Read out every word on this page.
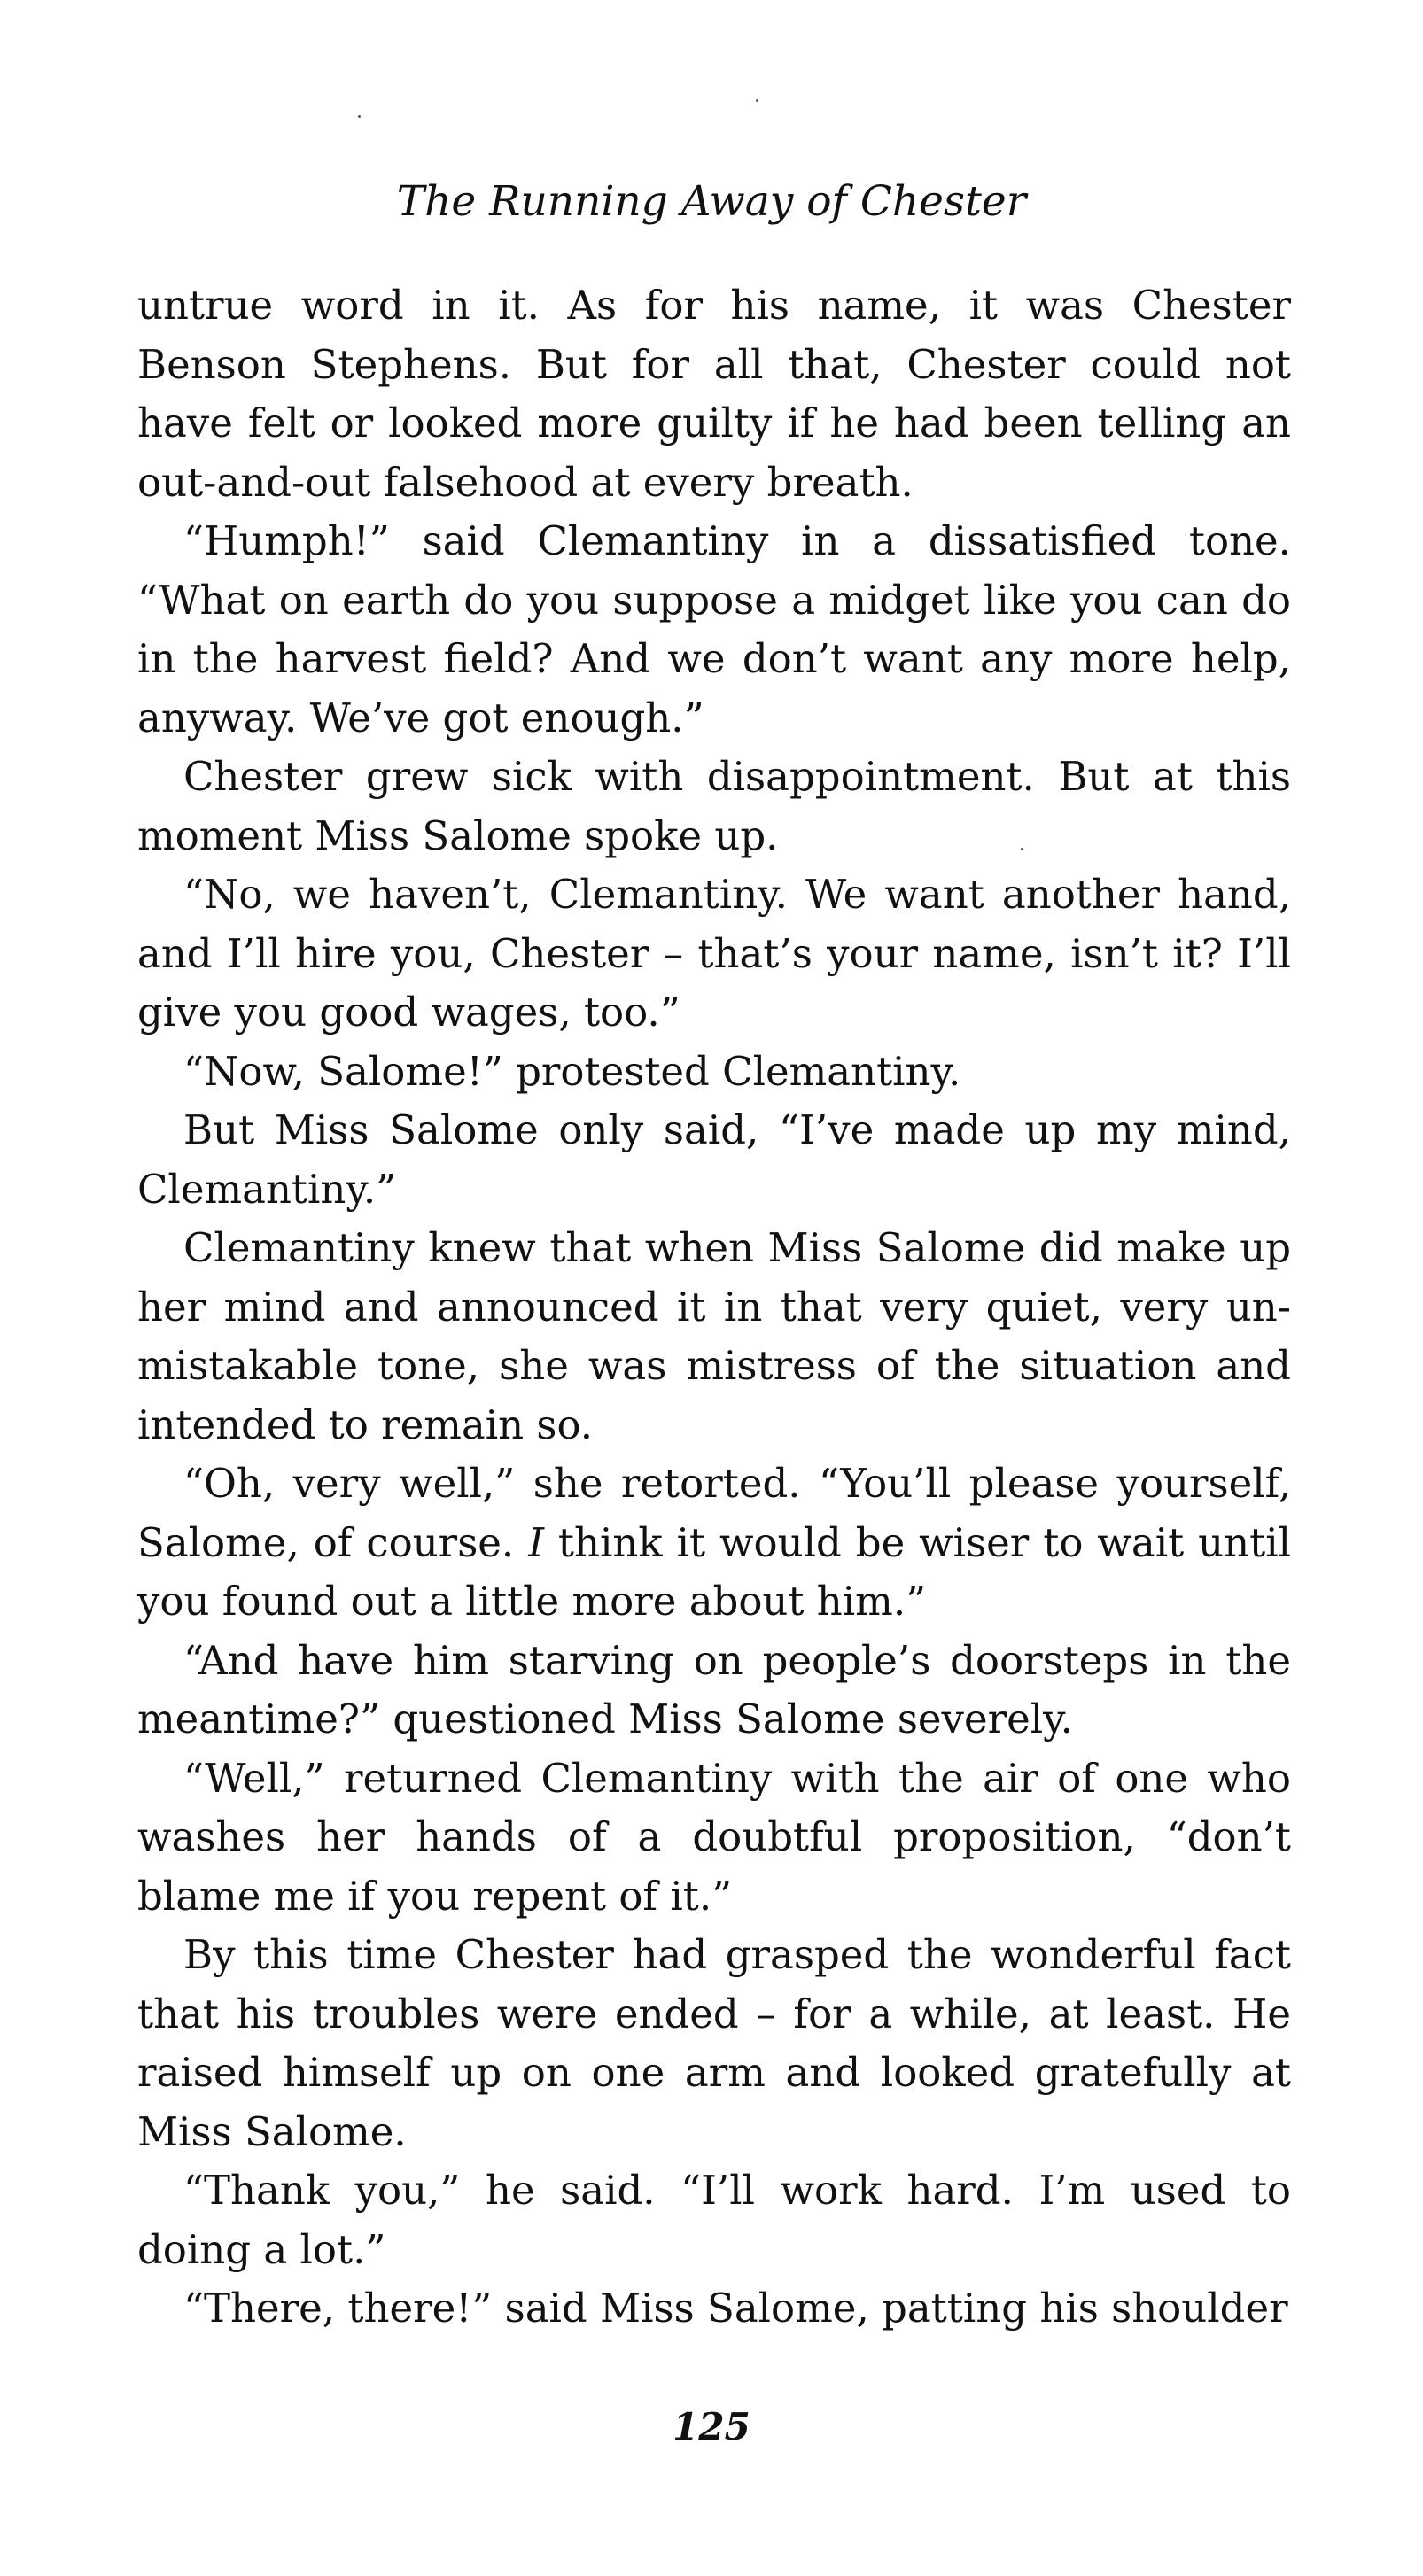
The Running Away of Chester

untrue word in it. As for his name, it was Chester Benson Stephens. But for all that, Chester could not have felt or looked more guilty if he had been telling an out-and-out falsehood at every breath.

“Humph!” said Clemantiny in a dissatisfied tone. “What on earth do you suppose a midget like you can do in the harvest field? And we don’t want any more help, anyway. We’ve got enough.”

Chester grew sick with disappointment. But at this moment Miss Salome spoke up.

“No, we haven’t, Clemantiny. We want another hand, and I’ll hire you, Chester – that’s your name, isn’t it? I’ll give you good wages, too.”

“Now, Salome!” protested Clemantiny.

But Miss Salome only said, “I’ve made up my mind, Clemantiny.”

Clemantiny knew that when Miss Salome did make up her mind and announced it in that very quiet, very un- mistakable tone, she was mistress of the situation and intended to remain so.

“Oh, very well,” she retorted. “You’ll please yourself, Salome, of course. I think it would be wiser to wait until you found out a little more about him.”

“And have him starving on people’s doorsteps in the meantime?” questioned Miss Salome severely.

“Well,” returned Clemantiny with the air of one who washes her hands of a doubtful proposition, “don’t blame me if you repent of it.”

By this time Chester had grasped the wonderful fact that his troubles were ended – for a while, at least. He raised himself up on one arm and looked gratefully at Miss Salome.

“Thank you,” he said. “I’ll work hard. I’m used to doing a lot.”

“There, there!” said Miss Salome, patting his shoulder

125
